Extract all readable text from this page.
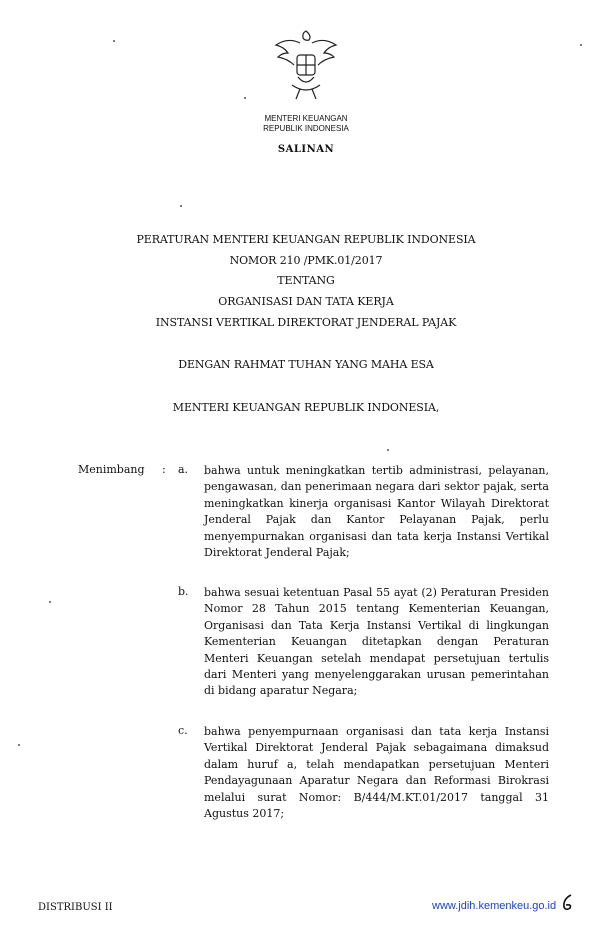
MENTERI KEUANGAN
REPUBLIK INDONESIA
SALINAN
PERATURAN MENTERI KEUANGAN REPUBLIK INDONESIA
NOMOR 210 /PMK.01/2017
TENTANG
ORGANISASI DAN TATA KERJA
INSTANSI VERTIKAL DIREKTORAT JENDERAL PAJAK
DENGAN RAHMAT TUHAN YANG MAHA ESA
MENTERI KEUANGAN REPUBLIK INDONESIA,
Menimbang : a. bahwa untuk meningkatkan tertib administrasi, pelayanan, pengawasan, dan penerimaan negara dari sektor pajak, serta meningkatkan kinerja organisasi Kantor Wilayah Direktorat Jenderal Pajak dan Kantor Pelayanan Pajak, perlu menyempurnakan organisasi dan tata kerja Instansi Vertikal Direktorat Jenderal Pajak;
b. bahwa sesuai ketentuan Pasal 55 ayat (2) Peraturan Presiden Nomor 28 Tahun 2015 tentang Kementerian Keuangan, Organisasi dan Tata Kerja Instansi Vertikal di lingkungan Kementerian Keuangan ditetapkan dengan Peraturan Menteri Keuangan setelah mendapat persetujuan tertulis dari Menteri yang menyelenggarakan urusan pemerintahan di bidang aparatur Negara;
c. bahwa penyempurnaan organisasi dan tata kerja Instansi Vertikal Direktorat Jenderal Pajak sebagaimana dimaksud dalam huruf a, telah mendapatkan persetujuan Menteri Pendayagunaan Aparatur Negara dan Reformasi Birokrasi melalui surat Nomor: B/444/M.KT.01/2017 tanggal 31 Agustus 2017;
DISTRIBUSI II	www.jdih.kemenkeu.go.id
